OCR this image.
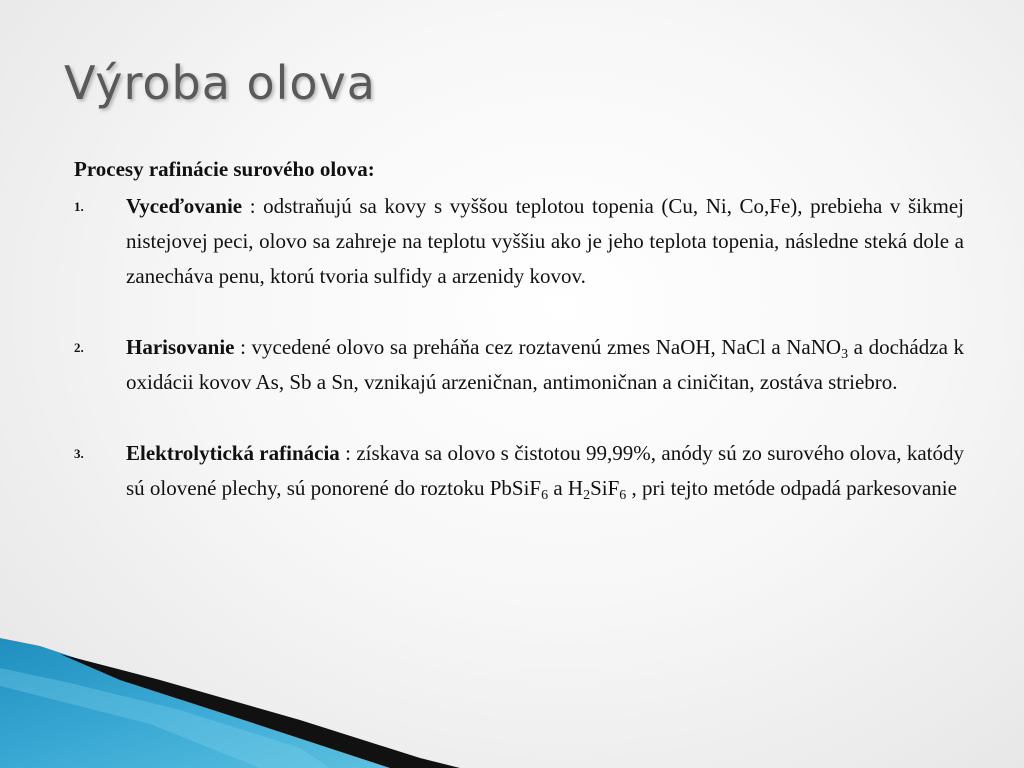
Výroba olova

Procesy rafinácie surového olova:

1. Vyceďovanie : odstraňujú sa kovy s vyššou teplotou topenia (Cu, Ni, Co,Fe), prebieha v šikmej nistejovej peci, olovo sa zahreje na teplotu vyššiu ako je jeho teplota topenia, následne steká dole a zanecháva penu, ktorú tvoria sulfidy a arzenidy kovov.
2. Harisovanie : vycedené olovo sa preháňa cez roztavenú zmes NaOH, NaCl a NaNO$_3$ a dochádza k oxidácii kovov As, Sb a Sn, vznikajú arzeničnan, antimoničnan a ciničitan, zostáva striebro.
3. Elektrolytická rafinácia : získava sa olovo s čistotou 99,99%, anódy sú zo surového olova, katódy sú olovené plechy, sú ponorené do roztoku PbSiF$_6$ a $H_2SiF_6$ , pri tejto metóde odpadá parkesovanie
